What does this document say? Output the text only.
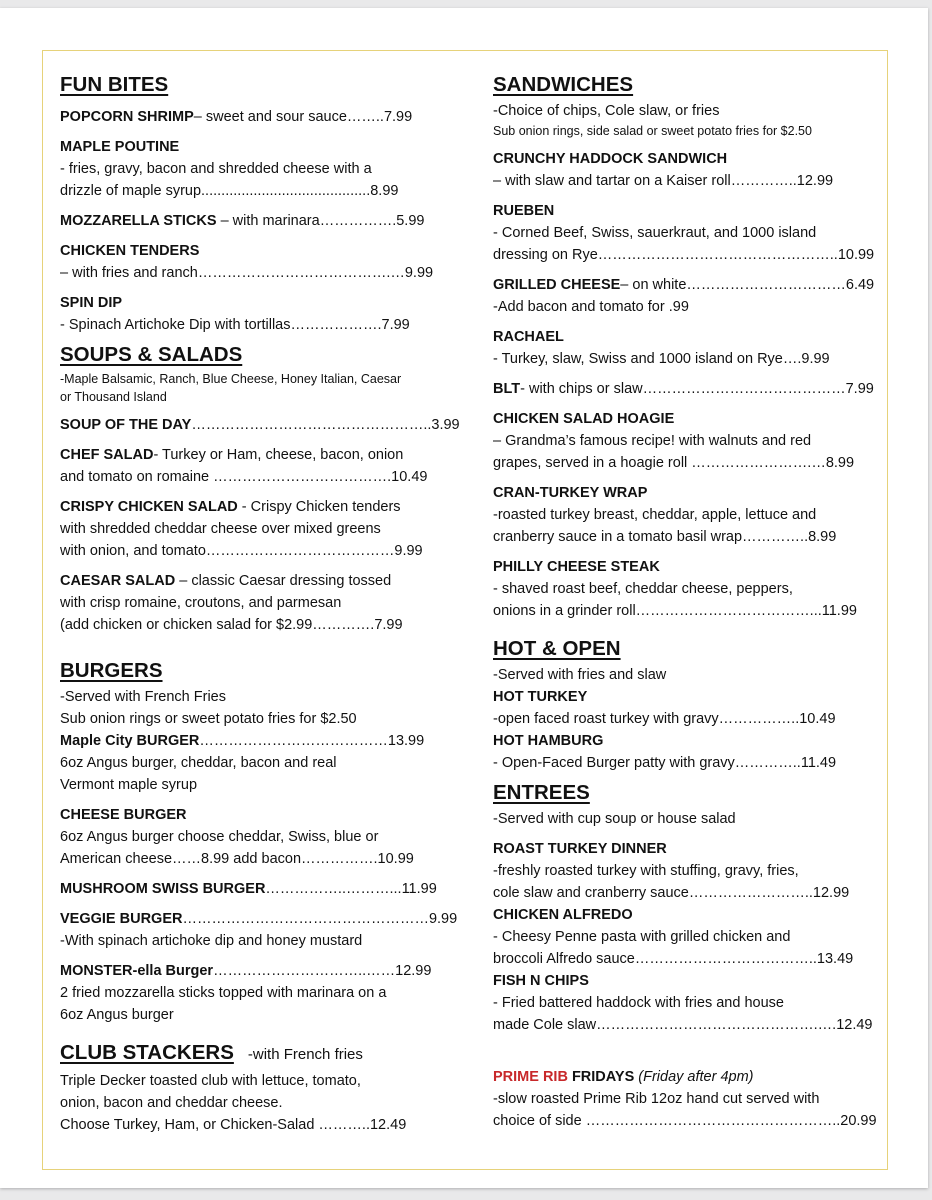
FUN BITES
POPCORN SHRIMP– sweet and sour sauce……..7.99
MAPLE POUTINE
- fries, gravy, bacon and shredded cheese with a
drizzle of maple syrup..........................................8.99
MOZZARELLA STICKS – with marinara…………….5.99
CHICKEN TENDERS
– with fries and ranch………………………………….…9.99
SPIN DIP
- Spinach Artichoke Dip with tortillas……………….7.99
SOUPS & SALADS
-Maple Balsamic, Ranch, Blue Cheese, Honey Italian, Caesar
or Thousand Island
SOUP OF THE DAY…………………………………………..3.99
CHEF SALAD- Turkey or Ham, cheese, bacon, onion
and tomato on romaine ……………………………….10.49
CRISPY CHICKEN SALAD - Crispy Chicken tenders
with shredded cheddar cheese over mixed greens
with onion, and tomato…………………………………9.99
CAESAR SALAD – classic Caesar dressing tossed
with crisp romaine, croutons, and parmesan
(add chicken or chicken salad for $2.99………….7.99
BURGERS
-Served with French Fries
Sub onion rings or sweet potato fries for $2.50
Maple City BURGER…………………………………13.99
6oz Angus burger, cheddar, bacon and real
Vermont maple syrup
CHEESE BURGER
6oz Angus burger choose cheddar, Swiss, blue or
American cheese……8.99 add bacon…………….10.99
MUSHROOM SWISS BURGER……………..………...11.99
VEGGIE BURGER……………………………………………9.99
-With spinach artichoke dip and honey mustard
MONSTER-ella Burger…………………………..……12.99
2 fried mozzarella sticks topped with marinara on a
6oz Angus burger
CLUB STACKERS -with French fries
Triple Decker toasted club with lettuce, tomato,
onion, bacon and cheddar cheese.
Choose Turkey, Ham, or Chicken-Salad ………..12.49
SANDWICHES
-Choice of chips, Cole slaw, or fries
Sub onion rings, side salad or sweet potato fries for $2.50
CRUNCHY HADDOCK SANDWICH
– with slaw and tartar on a Kaiser roll…………..12.99
RUEBEN
- Corned Beef, Swiss, sauerkraut, and 1000 island
dressing on Rye…………………………………………..10.99
GRILLED CHEESE– on white……………………………6.49
-Add bacon and tomato for .99
RACHAEL
- Turkey, slaw, Swiss and 1000 island on Rye….9.99
BLT- with chips or slaw……………………………………7.99
CHICKEN SALAD HOAGIE
– Grandma’s famous recipe! with walnuts and red
grapes, served in a hoagie roll …………………….…8.99
CRAN-TURKEY WRAP
-roasted turkey breast, cheddar, apple, lettuce and
cranberry sauce in a tomato basil wrap…………..8.99
PHILLY CHEESE STEAK
- shaved roast beef, cheddar cheese, peppers,
onions in a grinder roll………………………………...11.99
HOT & OPEN
-Served with fries and slaw
HOT TURKEY
-open faced roast turkey with gravy……………..10.49
HOT HAMBURG
- Open-Faced Burger patty with gravy…………..11.49
ENTREES
-Served with cup soup or house salad
ROAST TURKEY DINNER
-freshly roasted turkey with stuffing, gravy, fries,
cole slaw and cranberry sauce……………………..12.99
CHICKEN ALFREDO
- Cheesy Penne pasta with grilled chicken and
broccoli Alfredo sauce………………………………..13.49
FISH N CHIPS
- Fried battered haddock with fries and house
made Cole slaw……………………………………….….12.49
PRIME RIB FRIDAYS (Friday after 4pm)
-slow roasted Prime Rib 12oz hand cut served with
choice of side ……………………………………………..20.99
